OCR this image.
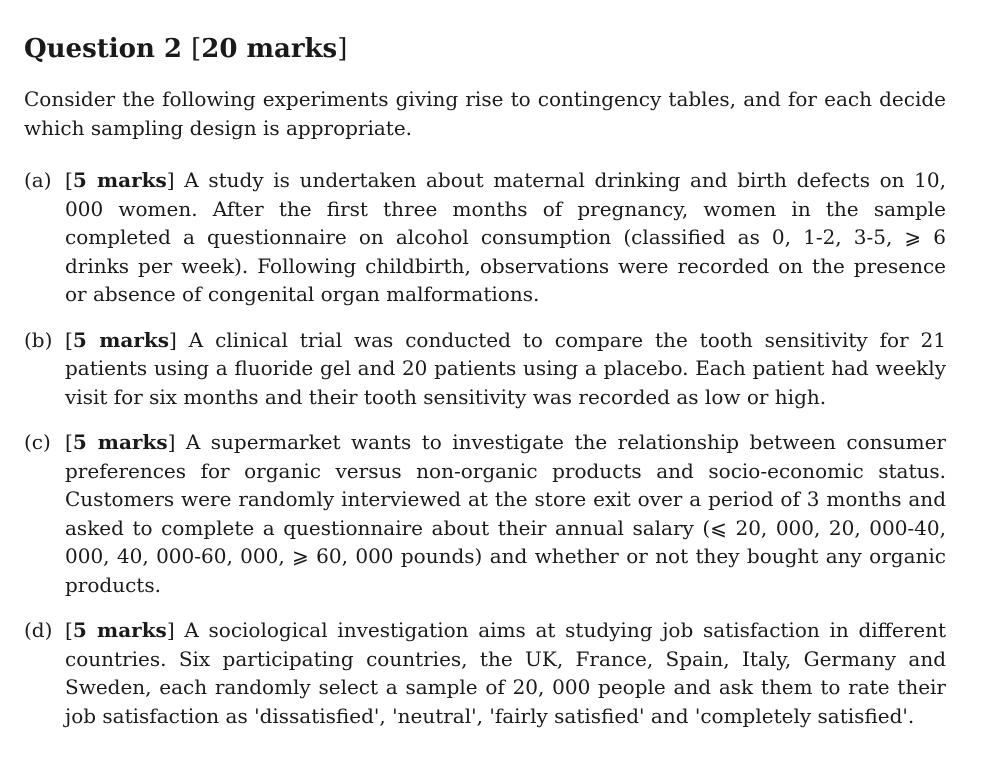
Question 2 [20 marks]

Consider the following experiments giving rise to contingency tables, and for each decide which sampling design is appropriate.

(a) [5 marks] A study is undertaken about maternal drinking and birth defects on 10, 000 women. After the first three months of pregnancy, women in the sample completed a questionnaire on alcohol consumption (classified as 0, 1-2, 3-5, ⩾ 6 drinks per week). Following childbirth, observations were recorded on the presence or absence of congenital organ malformations.
(b) [5 marks] A clinical trial was conducted to compare the tooth sensitivity for 21 patients using a fluoride gel and 20 patients using a placebo. Each patient had weekly visit for six months and their tooth sensitivity was recorded as low or high.
(c) [5 marks] A supermarket wants to investigate the relationship between consumer preferences for organic versus non-organic products and socio-economic status. Customers were randomly interviewed at the store exit over a period of 3 months and asked to complete a questionnaire about their annual salary (⩽ 20, 000, 20, 000-40, 000, 40, 000-60, 000, ⩾ 60, 000 pounds) and whether or not they bought any organic products.
(d) [5 marks] A sociological investigation aims at studying job satisfaction in different countries. Six participating countries, the UK, France, Spain, Italy, Germany and Sweden, each randomly select a sample of 20, 000 people and ask them to rate their job satisfaction as 'dissatisfied', 'neutral', 'fairly satisfied' and 'completely satisfied'.
